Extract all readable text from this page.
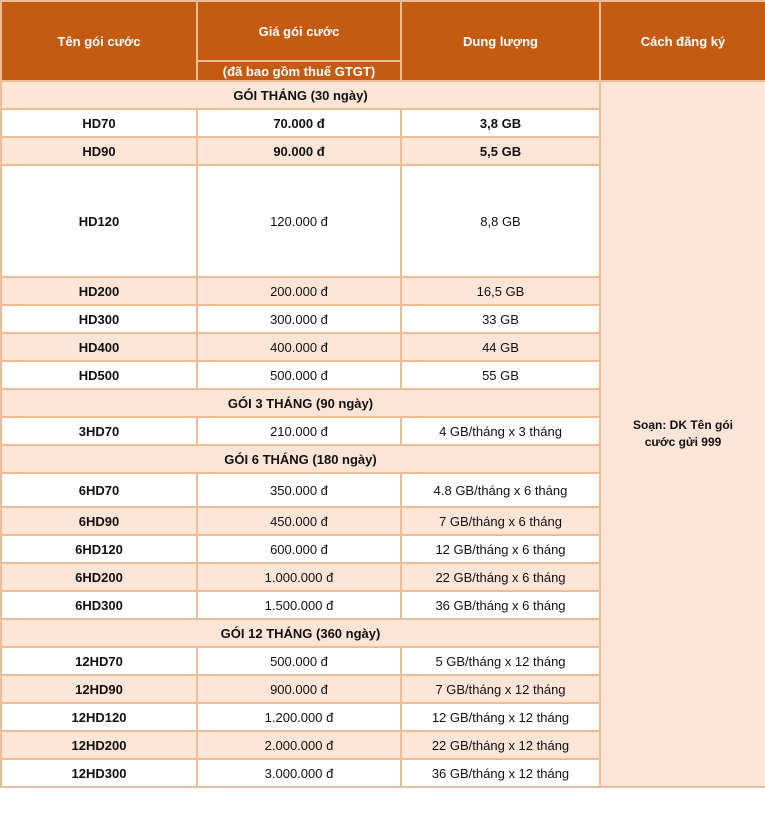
Tên gói cước	Giá gói cước	Dung lượng	Cách đăng ký
	(đã bao gồm thuế GTGT)		
GÓI THÁNG (30 ngày)			Soạn: DK Tên gói cước gửi 999
HD70	70.000 đ	3,8 GB	
HD90	90.000 đ	5,5 GB	
HD120	120.000 đ	8,8 GB	
HD200	200.000 đ	16,5 GB	
HD300	300.000 đ	33 GB	
HD400	400.000 đ	44 GB	
HD500	500.000 đ	55 GB	
GÓI 3 THÁNG (90 ngày)			
3HD70	210.000 đ	4 GB/tháng x 3 tháng	
GÓI 6 THÁNG (180 ngày)			
6HD70	350.000 đ	4.8 GB/tháng x 6 tháng	
6HD90	450.000 đ	7 GB/tháng x 6 tháng	
6HD120	600.000 đ	12 GB/tháng x 6 tháng	
6HD200	1.000.000 đ	22 GB/tháng x 6 tháng	
6HD300	1.500.000 đ	36 GB/tháng x 6 tháng	
GÓI 12 THÁNG (360 ngày)			
12HD70	500.000 đ	5 GB/tháng x 12 tháng	
12HD90	900.000 đ	7 GB/tháng x 12 tháng	
12HD120	1.200.000 đ	12 GB/tháng x 12 tháng	
12HD200	2.000.000 đ	22 GB/tháng x 12 tháng	
12HD300	3.000.000 đ	36 GB/tháng x 12 tháng	
